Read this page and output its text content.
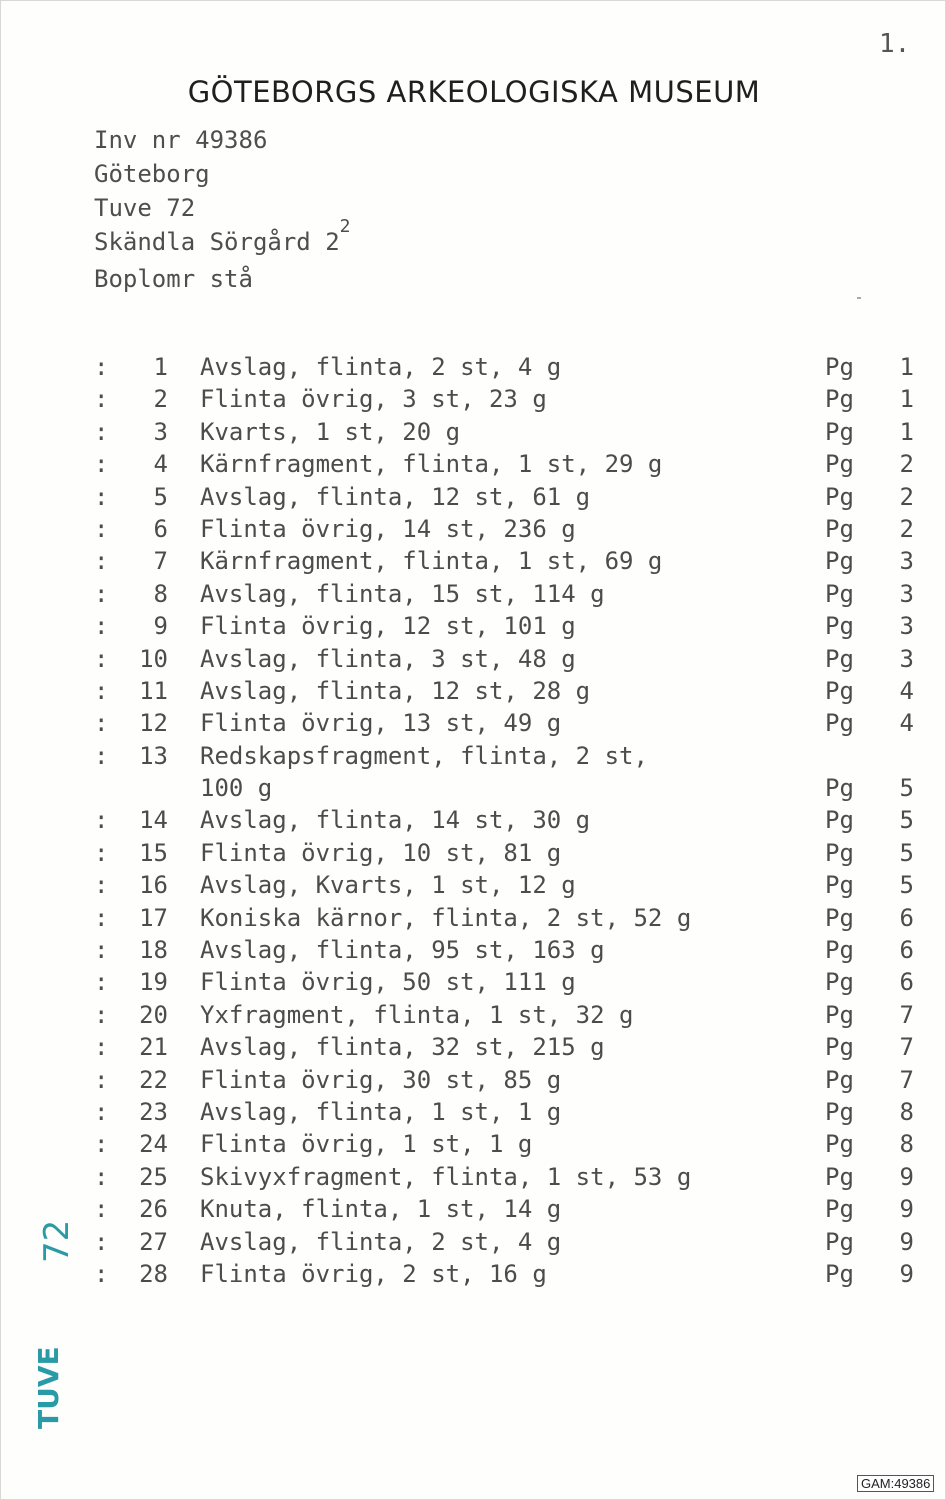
1.
GÖTEBORGS ARKEOLOGISKA MUSEUM
Inv nr 49386
Göteborg
Tuve 72
Skändla Sörgård $2^2$
Boplomr stå
: 1 Avslag, flinta, 2 st, 4 g	Pg 1
: 2 Flinta övrig, 3 st, 23 g	Pg 1
: 3 Kvarts, 1 st, 20 g	Pg 1
: 4 Kärnfragment, flinta, 1 st, 29 g	Pg 2
: 5 Avslag, flinta, 12 st, 61 g	Pg 2
: 6 Flinta övrig, 14 st, 236 g	Pg 2
: 7 Kärnfragment, flinta, 1 st, 69 g	Pg 3
: 8 Avslag, flinta, 15 st, 114 g	Pg 3
: 9 Flinta övrig, 12 st, 101 g	Pg 3
: 10 Avslag, flinta, 3 st, 48 g	Pg 3
: 11 Avslag, flinta, 12 st, 28 g	Pg 4
: 12 Flinta övrig, 13 st, 49 g	Pg 4
: 13 Redskapsfragment, flinta, 2 st,
100 g	Pg 5
: 14 Avslag, flinta, 14 st, 30 g	Pg 5
: 15 Flinta övrig, 10 st, 81 g	Pg 5
: 16 Avslag, Kvarts, 1 st, 12 g	Pg 5
: 17 Koniska kärnor, flinta, 2 st, 52 g	Pg 6
: 18 Avslag, flinta, 95 st, 163 g	Pg 6
: 19 Flinta övrig, 50 st, 111 g	Pg 6
: 20 Yxfragment, flinta, 1 st, 32 g	Pg 7
: 21 Avslag, flinta, 32 st, 215 g	Pg 7
: 22 Flinta övrig, 30 st, 85 g	Pg 7
: 23 Avslag, flinta, 1 st, 1 g	Pg 8
: 24 Flinta övrig, 1 st, 1 g	Pg 8
: 25 Skivyxfragment, flinta, 1 st, 53 g	Pg 9
: 26 Knuta, flinta, 1 st, 14 g	Pg 9
: 27 Avslag, flinta, 2 st, 4 g	Pg 9
: 28 Flinta övrig, 2 st, 16 g	Pg 9
72
TUVE
GAM:49386
